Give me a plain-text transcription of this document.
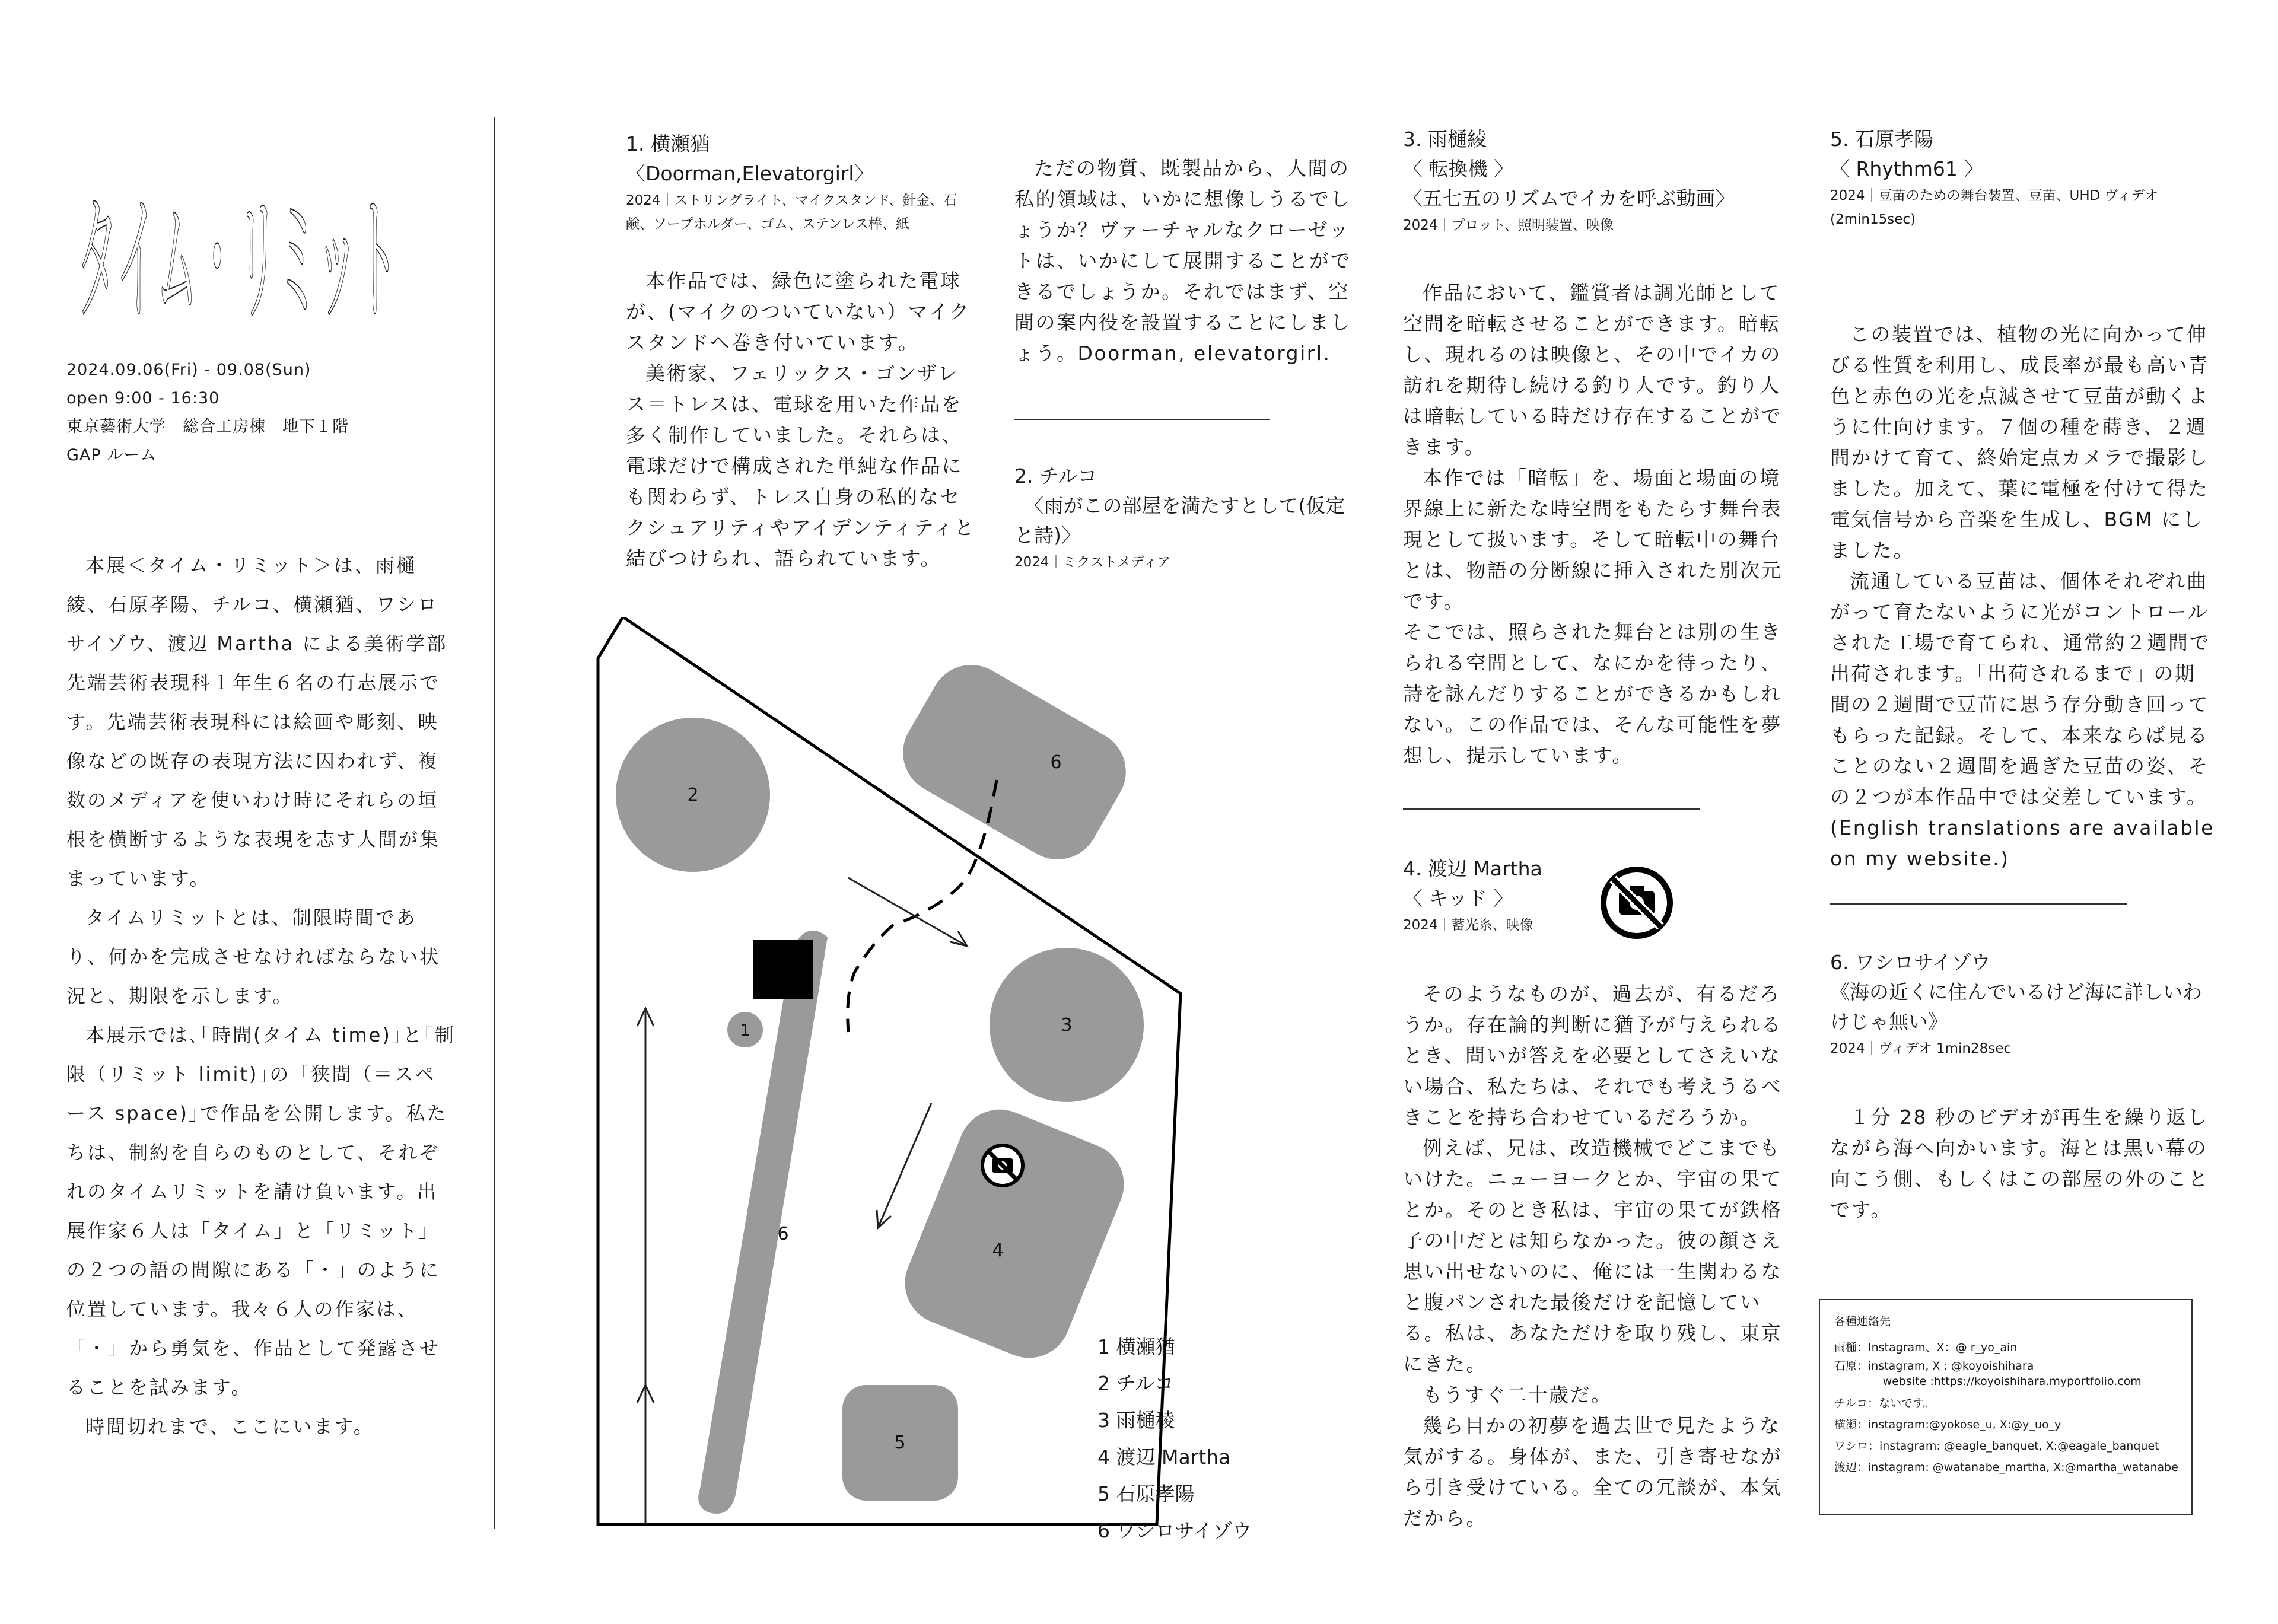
タイム・リミット
2024.09.06(Fri) - 09.08(Sun)
open 9:00 - 16:30
東京藝術大学　総合工房棟　地下１階
GAP ルーム

本展＜タイム・リミット＞は、雨樋綾、石原孝陽、チルコ、横瀬猶、ワシロサイゾウ、渡辺 Martha による美術学部先端芸術表現科１年生６名の有志展示です。先端芸術表現科には絵画や彫刻、映像などの既存の表現方法に囚われず、複数のメディアを使いわけ時にそれらの垣根を横断するような表現を志す人間が集まっています。

タイムリミットとは、制限時間であり、何かを完成させなければならない状況と、期限を示します。

本展示では､｢時間(タイム time)｣と｢制限（リミット limit)｣の「狭間（＝スペース space)｣で作品を公開します。私たちは、制約を自らのものとして、それぞれのタイムリミットを請け負います。出展作家６人は「タイム」と「リミット」の２つの語の間隙にある「・」のように位置しています。我々６人の作家は、「・」から勇気を、作品として発露させることを試みます。

時間切れまで、ここにいます。

1. 横瀬猶
〈Doorman,Elevatorgirl〉
2024｜ストリングライト、マイクスタンド、針金、石鹸、ソープホルダー、ゴム、ステンレス棒、紙

本作品では、緑色に塗られた電球が、(マイクのついていない）マイクスタンドへ巻き付いています。

美術家、フェリックス・ゴンザレス＝トレスは、電球を用いた作品を多く制作していました。それらは、電球だけで構成された単純な作品にも関わらず、トレス自身の私的なセクシュアリティやアイデンティティと結びつけられ、語られています。

ただの物質、既製品から、人間の私的領域は、いかに想像しうるでしょうか？ヴァーチャルなクローゼットは、いかにして展開することができるでしょうか。それではまず、空間の案内役を設置することにしましょう。Doorman, elevatorgirl.

2. チルコ
〈雨がこの部屋を満たすとして(仮定と詩)〉
2024｜ミクストメディア
1
2
3
4
5
6
6
1 横瀬猶
2 チルコ
3 雨樋稜
4 渡辺 Martha
5 石原孝陽
6 ワシロサイゾウ
3. 雨樋綾
〈 転換機 〉
〈五七五のリズムでイカを呼ぶ動画〉
2024｜プロット、照明装置、映像

作品において、鑑賞者は調光師として空間を暗転させることができます。暗転し、現れるのは映像と、その中でイカの訪れを期待し続ける釣り人です。釣り人は暗転している時だけ存在することができます。

本作では「暗転」を、場面と場面の境界線上に新たな時空間をもたらす舞台表現として扱います。そして暗転中の舞台とは、物語の分断線に挿入された別次元です。

そこでは、照らされた舞台とは別の生きられる空間として、なにかを待ったり、詩を詠んだりすることができるかもしれない。この作品では、そんな可能性を夢想し、提示しています。

4. 渡辺 Martha
〈 キッド 〉
2024｜蓄光糸、映像

そのようなものが、過去が、有るだろうか。存在論的判断に猶予が与えられるとき、問いが答えを必要としてさえいない場合、私たちは、それでも考えうるべきことを持ち合わせているだろうか。

例えば、兄は、改造機械でどこまでもいけた。ニューヨークとか、宇宙の果てとか。そのとき私は、宇宙の果てが鉄格子の中だとは知らなかった。彼の顔さえ思い出せないのに、俺には一生関わるなと腹パンされた最後だけを記憶している。私は、あなただけを取り残し、東京にきた。

もうすぐ二十歳だ。

幾ら目かの初夢を過去世で見たような気がする。身体が、また、引き寄せながら引き受けている。全ての冗談が、本気だから。

5. 石原孝陽
〈 Rhythm61 〉
2024｜豆苗のための舞台装置、豆苗、UHD ヴィデオ (2min15sec)

この装置では、植物の光に向かって伸びる性質を利用し、成長率が最も高い青色と赤色の光を点滅させて豆苗が動くように仕向けます。７個の種を蒔き、２週間かけて育て、終始定点カメラで撮影しました。加えて、葉に電極を付けて得た電気信号から音楽を生成し、BGM にしました。

流通している豆苗は、個体それぞれ曲がって育たないように光がコントロールされた工場で育てられ、通常約２週間で出荷されます。｢出荷されるまで｣ の期間の２週間で豆苗に思う存分動き回ってもらった記録。そして、本来ならば見ることのない２週間を過ぎた豆苗の姿、その２つが本作品中では交差しています。

(English translations are available on my website.)

6. ワシロサイゾウ
《海の近くに住んでいるけど海に詳しいわけじゃ無い》
2024｜ヴィデオ 1min28sec

１分 28 秒のビデオが再生を繰り返しながら海へ向かいます。海とは黒い幕の向こう側、もしくはこの部屋の外のことです。

各種連絡先
雨樋：Instagram、X：@ r_yo_ain
石原：instagram, X : @koyoishihara
website :https://koyoishihara.myportfolio.com
チルコ：ないです。
横瀬：instagram:@yokose_u, X:@y_uo_y
ワシロ：instagram: @eagle_banquet, X:@eagale_banquet
渡辺：instagram: @watanabe_martha, X:@martha_watanabe
